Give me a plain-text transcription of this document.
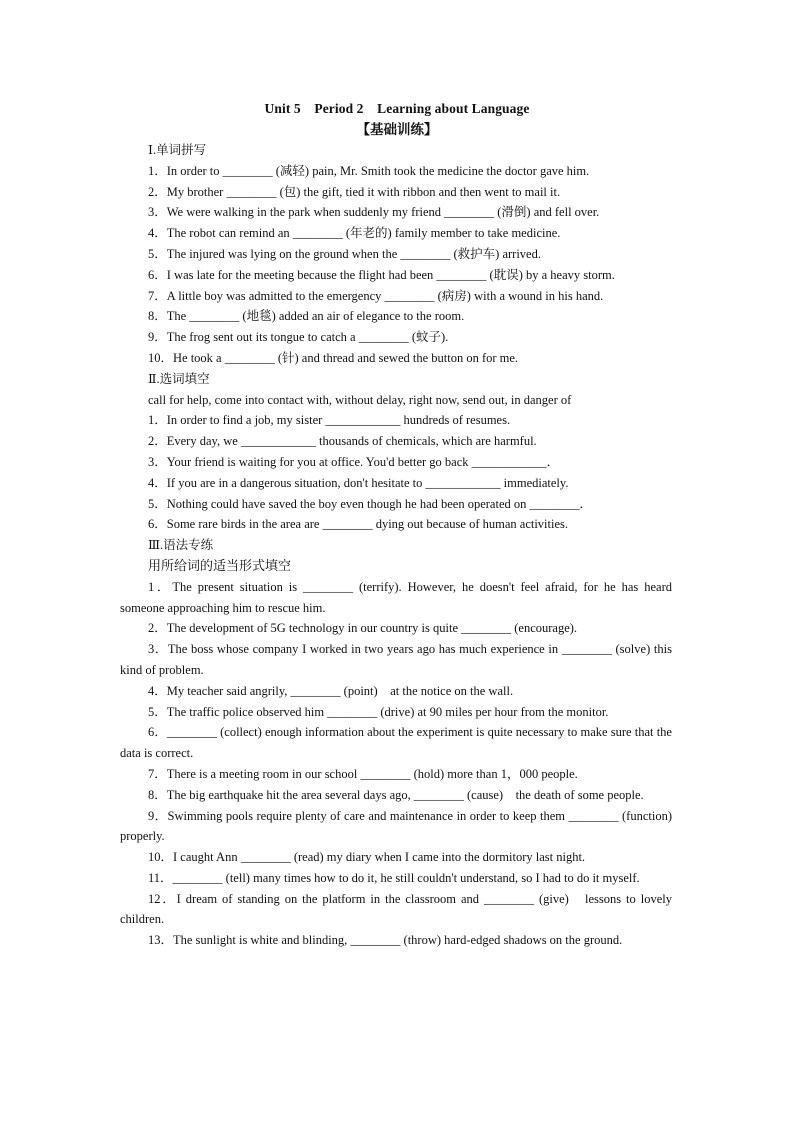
Unit 5　Period 2　Learning about Language
【基础训练】
Ⅰ.单词拼写
1．In order to ________ (减轻) pain, Mr. Smith took the medicine the doctor gave him.
2．My brother ________ (包) the gift, tied it with ribbon and then went to mail it.
3．We were walking in the park when suddenly my friend ________ (滑倒) and fell over.
4．The robot can remind an ________ (年老的) family member to take medicine.
5．The injured was lying on the ground when the ________ (救护车) arrived.
6．I was late for the meeting because the flight had been ________ (耽误) by a heavy storm.
7．A little boy was admitted to the emergency ________ (病房) with a wound in his hand.
8．The ________ (地毯) added an air of elegance to the room.
9．The frog sent out its tongue to catch a ________ (蚊子).
10．He took a ________ (针) and thread and sewed the button on for me.
Ⅱ.选词填空
call for help, come into contact with, without delay, right now, send out, in danger of
1．In order to find a job, my sister ____________ hundreds of resumes.
2．Every day, we ____________ thousands of chemicals, which are harmful.
3．Your friend is waiting for you at office. You'd better go back ____________．
4．If you are in a dangerous situation, don't hesitate to ____________ immediately.
5．Nothing could have saved the boy even though he had been operated on ________．
6．Some rare birds in the area are ________ dying out because of human activities.
Ⅲ.语法专练
用所给词的适当形式填空
1．The present situation is ________ (terrify). However, he doesn't feel afraid, for he has heard someone approaching him to rescue him.
2．The development of 5G technology in our country is quite ________ (encourage).
3．The boss whose company I worked in two years ago has much experience in ________ (solve) this kind of problem.
4．My teacher said angrily, ________ (point)　at the notice on the wall.
5．The traffic police observed him ________ (drive) at 90 miles per hour from the monitor.
6．________ (collect) enough information about the experiment is quite necessary to make sure that the data is correct.
7．There is a meeting room in our school ________ (hold) more than 1，000 people.
8．The big earthquake hit the area several days ago, ________ (cause)　the death of some people.
9．Swimming pools require plenty of care and maintenance in order to keep them ________ (function) properly.
10．I caught Ann ________ (read) my diary when I came into the dormitory last night.
11．________ (tell) many times how to do it, he still couldn't understand, so I had to do it myself.
12．I dream of standing on the platform in the classroom and ________ (give)　lessons to lovely children.
13．The sunlight is white and blinding, ________ (throw) hard-edged shadows on the ground.
